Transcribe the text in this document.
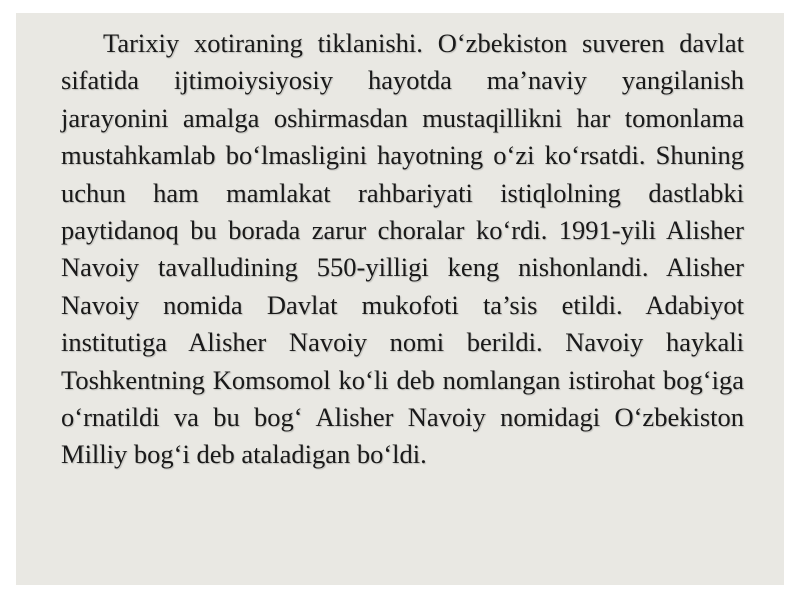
Tarixiy xotiraning tiklanishi. O‘zbekiston suveren davlat sifatida ijtimoiysiyosiy hayotda ma’naviy yangilanish jarayonini amalga oshirmasdan mustaqillikni har tomonlama mustahkamlab bo‘lmasligini hayotning o‘zi ko‘rsatdi. Shuning uchun ham mamlakat rahbariyati istiqlolning dastlabki paytidanoq bu borada zarur choralar ko‘rdi. 1991-yili Alisher Navoiy tavalludining 550-yilligi keng nishonlandi. Alisher Navoiy nomida Davlat mukofoti ta’sis etildi. Adabiyot institutiga Alisher Navoiy nomi berildi. Navoiy haykali Toshkentning Komsomol ko‘li deb nomlangan istirohat bog‘iga o‘rnatildi va bu bog‘ Alisher Navoiy nomidagi O‘zbekiston Milliy bog‘i deb ataladigan bo‘ldi.
